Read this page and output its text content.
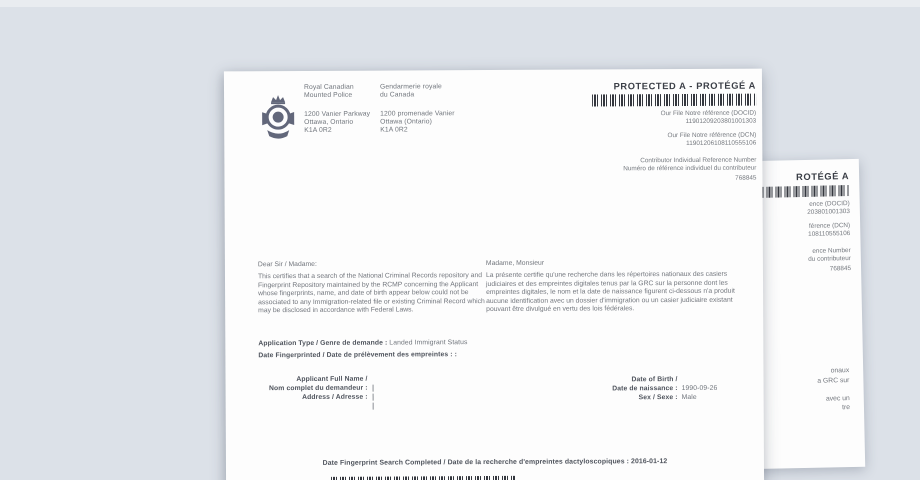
ROTÉGÉ A
ence (DOCID)
203801001303
férence (DCN)
108110555106
ence Number
du contributeur
768845
onaux
a GRC sur
avec un
tre
Royal Canadian
Mounted Police
Gendarmerie royale
du Canada
1200 Vanier Parkway
Ottawa, Ontario
K1A 0R2
1200 promenade Vanier
Ottawa (Ontario)
K1A 0R2
PROTECTED A - PROTÉGÉ A
Our File Notre référence (DOCID)
11901209203801001303
Our File Notre référence (DCN)
11901206108110555106
Contributor Individual Reference Number
Numéro de référence individuel du contributeur
768845
Dear Sir / Madame:
This certifies that a search of the National Criminal Records repository and Fingerprint Repository maintained by the RCMP concerning the Applicant whose fingerprints, name, and date of birth appear below could not be associated to any Immigration-related file or existing Criminal Record which may be disclosed in accordance with Federal Laws.
Madame, Monsieur
La présente certifie qu'une recherche dans les répertoires nationaux des casiers judiciaires et des empreintes digitales tenus par la GRC sur la personne dont les empreintes digitales, le nom et la date de naissance figurent ci-dessous n'a produit aucune identification avec un dossier d'immigration ou un casier judiciaire existant pouvant être divulgué en vertu des lois fédérales.
Application Type / Genre de demande : Landed Immigrant Status
Date Fingerprinted / Date de prélèvement des empreintes : :
Applicant Full Name /
Nom complet du demandeur :
Address / Adresse :
Date of Birth /
Date de naissance : 1990-09-26
Sex / Sexe : Male
Date Fingerprint Search Completed / Date de la recherche d'empreintes dactyloscopiques : 2016-01-12
